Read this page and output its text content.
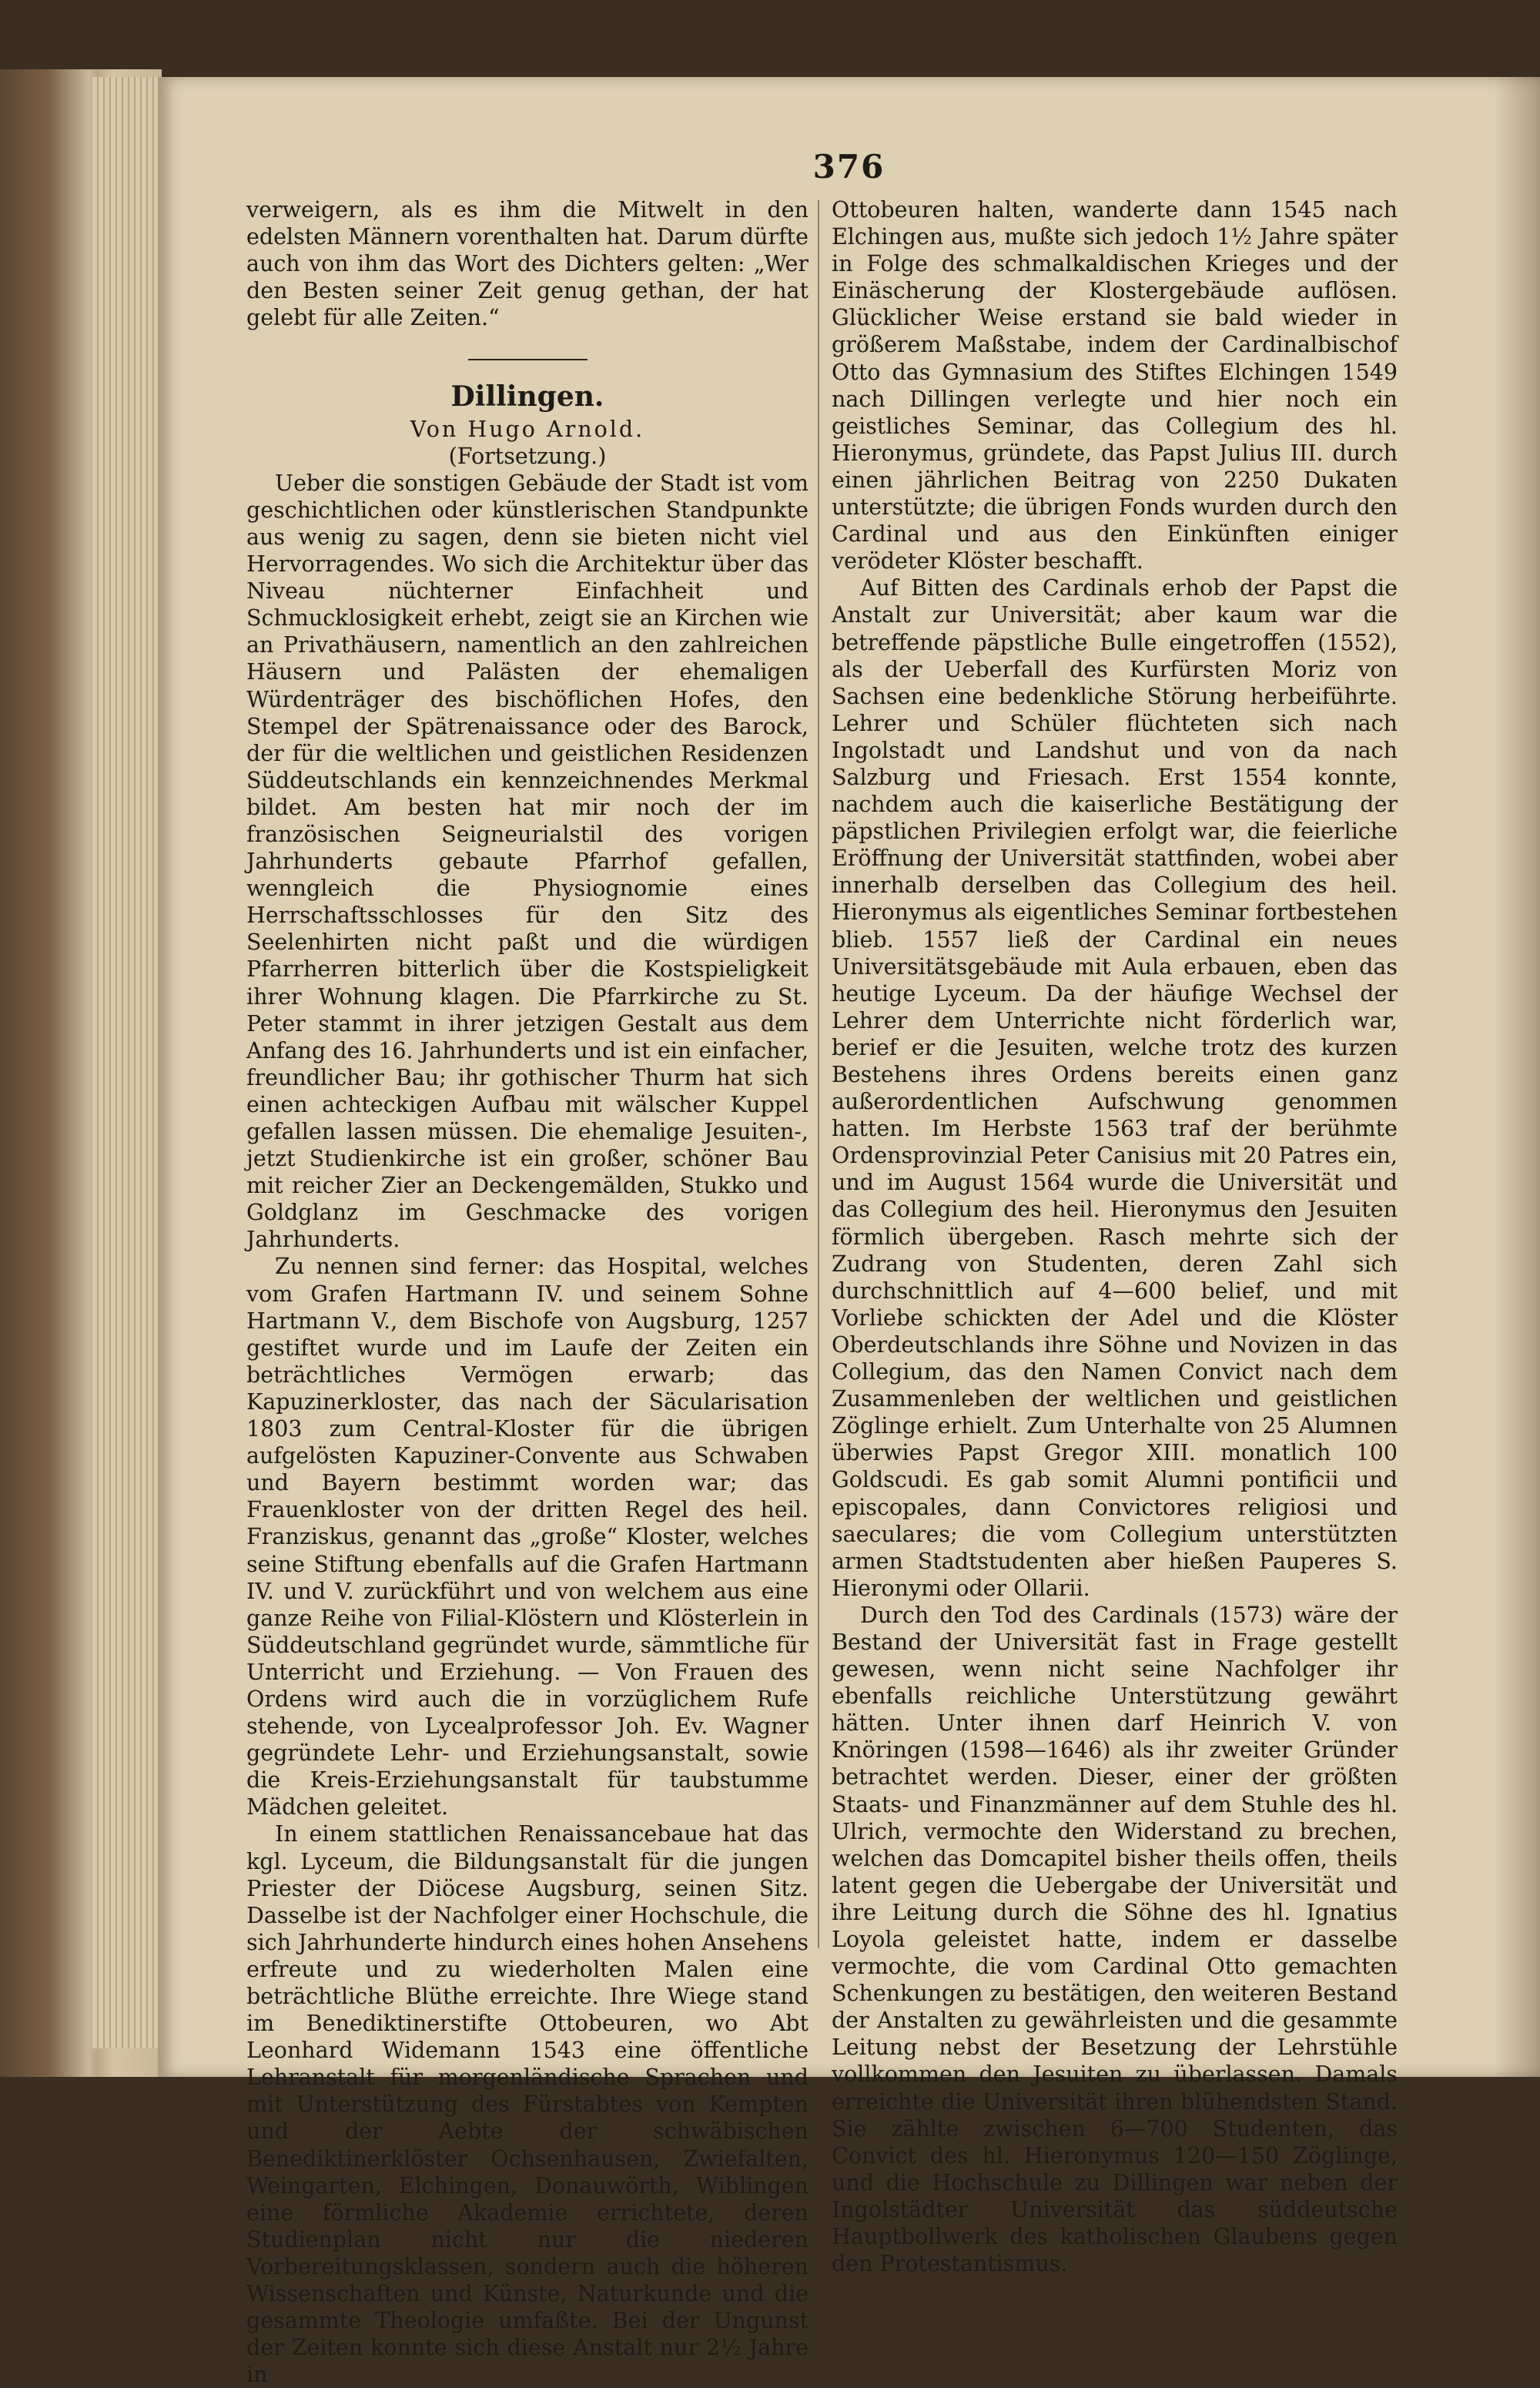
376

verweigern, als es ihm die Mitwelt in den edelsten Männern vorenthalten hat. Darum dürfte auch von ihm das Wort des Dichters gelten: „Wer den Besten seiner Zeit genug gethan, der hat gelebt für alle Zeiten.“

Dillingen.

Von Hugo Arnold.

(Fortsetzung.)

Ueber die sonstigen Gebäude der Stadt ist vom geschichtlichen oder künstlerischen Standpunkte aus wenig zu sagen, denn sie bieten nicht viel Hervorragendes. Wo sich die Architektur über das Niveau nüchterner Einfachheit und Schmucklosigkeit erhebt, zeigt sie an Kirchen wie an Privathäusern, namentlich an den zahlreichen Häusern und Palästen der ehemaligen Würdenträger des bischöflichen Hofes, den Stempel der Spätrenaissance oder des Barock, der für die weltlichen und geistlichen Residenzen Süddeutschlands ein kennzeichnendes Merkmal bildet. Am besten hat mir noch der im französischen Seigneurialstil des vorigen Jahrhunderts gebaute Pfarrhof gefallen, wenngleich die Physiognomie eines Herrschaftsschlosses für den Sitz des Seelenhirten nicht paßt und die würdigen Pfarrherren bitterlich über die Kostspieligkeit ihrer Wohnung klagen. Die Pfarrkirche zu St. Peter stammt in ihrer jetzigen Gestalt aus dem Anfang des 16. Jahrhunderts und ist ein einfacher, freundlicher Bau; ihr gothischer Thurm hat sich einen achteckigen Aufbau mit wälscher Kuppel gefallen lassen müssen. Die ehemalige Jesuiten-, jetzt Studienkirche ist ein großer, schöner Bau mit reicher Zier an Deckengemälden, Stukko und Goldglanz im Geschmacke des vorigen Jahrhunderts.

Zu nennen sind ferner: das Hospital, welches vom Grafen Hartmann IV. und seinem Sohne Hartmann V., dem Bischofe von Augsburg, 1257 gestiftet wurde und im Laufe der Zeiten ein beträchtliches Vermögen erwarb; das Kapuzinerkloster, das nach der Säcularisation 1803 zum Central-Kloster für die übrigen aufgelösten Kapuziner-Convente aus Schwaben und Bayern bestimmt worden war; das Frauenkloster von der dritten Regel des heil. Franziskus, genannt das „große“ Kloster, welches seine Stiftung ebenfalls auf die Grafen Hartmann IV. und V. zurückführt und von welchem aus eine ganze Reihe von Filial-Klöstern und Klösterlein in Süddeutschland gegründet wurde, sämmtliche für Unterricht und Erziehung. — Von Frauen des Ordens wird auch die in vorzüglichem Rufe stehende, von Lycealprofessor Joh. Ev. Wagner gegründete Lehr- und Erziehungsanstalt, sowie die Kreis-Erziehungsanstalt für taubstumme Mädchen geleitet.

In einem stattlichen Renaissancebaue hat das kgl. Lyceum, die Bildungsanstalt für die jungen Priester der Diöcese Augsburg, seinen Sitz. Dasselbe ist der Nachfolger einer Hochschule, die sich Jahrhunderte hindurch eines hohen Ansehens erfreute und zu wiederholten Malen eine beträchtliche Blüthe erreichte. Ihre Wiege stand im Benediktinerstifte Ottobeuren, wo Abt Leonhard Widemann 1543 eine öffentliche Lehranstalt für morgenländische Sprachen und mit Unterstützung des Fürstabtes von Kempten und der Aebte der schwäbischen Benediktinerklöster Ochsenhausen, Zwiefalten, Weingarten, Elchingen, Donauwörth, Wiblingen eine förmliche Akademie errichtete, deren Studienplan nicht nur die niederen Vorbereitungsklassen, sondern auch die höheren Wissenschaften und Künste, Naturkunde und die gesammte Theologie umfaßte. Bei der Ungunst der Zeiten konnte sich diese Anstalt nur 2½ Jahre in

Ottobeuren halten, wanderte dann 1545 nach Elchingen aus, mußte sich jedoch 1½ Jahre später in Folge des schmalkaldischen Krieges und der Einäscherung der Klostergebäude auflösen. Glücklicher Weise erstand sie bald wieder in größerem Maßstabe, indem der Cardinalbischof Otto das Gymnasium des Stiftes Elchingen 1549 nach Dillingen verlegte und hier noch ein geistliches Seminar, das Collegium des hl. Hieronymus, gründete, das Papst Julius III. durch einen jährlichen Beitrag von 2250 Dukaten unterstützte; die übrigen Fonds wurden durch den Cardinal und aus den Einkünften einiger verödeter Klöster beschafft.

Auf Bitten des Cardinals erhob der Papst die Anstalt zur Universität; aber kaum war die betreffende päpstliche Bulle eingetroffen (1552), als der Ueberfall des Kurfürsten Moriz von Sachsen eine bedenkliche Störung herbeiführte. Lehrer und Schüler flüchteten sich nach Ingolstadt und Landshut und von da nach Salzburg und Friesach. Erst 1554 konnte, nachdem auch die kaiserliche Bestätigung der päpstlichen Privilegien erfolgt war, die feierliche Eröffnung der Universität stattfinden, wobei aber innerhalb derselben das Collegium des heil. Hieronymus als eigentliches Seminar fortbestehen blieb. 1557 ließ der Cardinal ein neues Universitätsgebäude mit Aula erbauen, eben das heutige Lyceum. Da der häufige Wechsel der Lehrer dem Unterrichte nicht förderlich war, berief er die Jesuiten, welche trotz des kurzen Bestehens ihres Ordens bereits einen ganz außerordentlichen Aufschwung genommen hatten. Im Herbste 1563 traf der berühmte Ordensprovinzial Peter Canisius mit 20 Patres ein, und im August 1564 wurde die Universität und das Collegium des heil. Hieronymus den Jesuiten förmlich übergeben. Rasch mehrte sich der Zudrang von Studenten, deren Zahl sich durchschnittlich auf 4—600 belief, und mit Vorliebe schickten der Adel und die Klöster Oberdeutschlands ihre Söhne und Novizen in das Collegium, das den Namen Convict nach dem Zusammenleben der weltlichen und geistlichen Zöglinge erhielt. Zum Unterhalte von 25 Alumnen überwies Papst Gregor XIII. monatlich 100 Goldscudi. Es gab somit Alumni pontificii und episcopales, dann Convictores religiosi und saeculares; die vom Collegium unterstützten armen Stadtstudenten aber hießen Pauperes S. Hieronymi oder Ollarii.

Durch den Tod des Cardinals (1573) wäre der Bestand der Universität fast in Frage gestellt gewesen, wenn nicht seine Nachfolger ihr ebenfalls reichliche Unterstützung gewährt hätten. Unter ihnen darf Heinrich V. von Knöringen (1598—1646) als ihr zweiter Gründer betrachtet werden. Dieser, einer der größten Staats- und Finanzmänner auf dem Stuhle des hl. Ulrich, vermochte den Widerstand zu brechen, welchen das Domcapitel bisher theils offen, theils latent gegen die Uebergabe der Universität und ihre Leitung durch die Söhne des hl. Ignatius Loyola geleistet hatte, indem er dasselbe vermochte, die vom Cardinal Otto gemachten Schenkungen zu bestätigen, den weiteren Bestand der Anstalten zu gewährleisten und die gesammte Leitung nebst der Besetzung der Lehrstühle vollkommen den Jesuiten zu überlassen. Damals erreichte die Universität ihren blühendsten Stand. Sie zählte zwischen 6—700 Studenten, das Convict des hl. Hieronymus 120—150 Zöglinge, und die Hochschule zu Dillingen war neben der Ingolstädter Universität das süddeutsche Hauptbollwerk des katholischen Glaubens gegen den Protestantismus.
